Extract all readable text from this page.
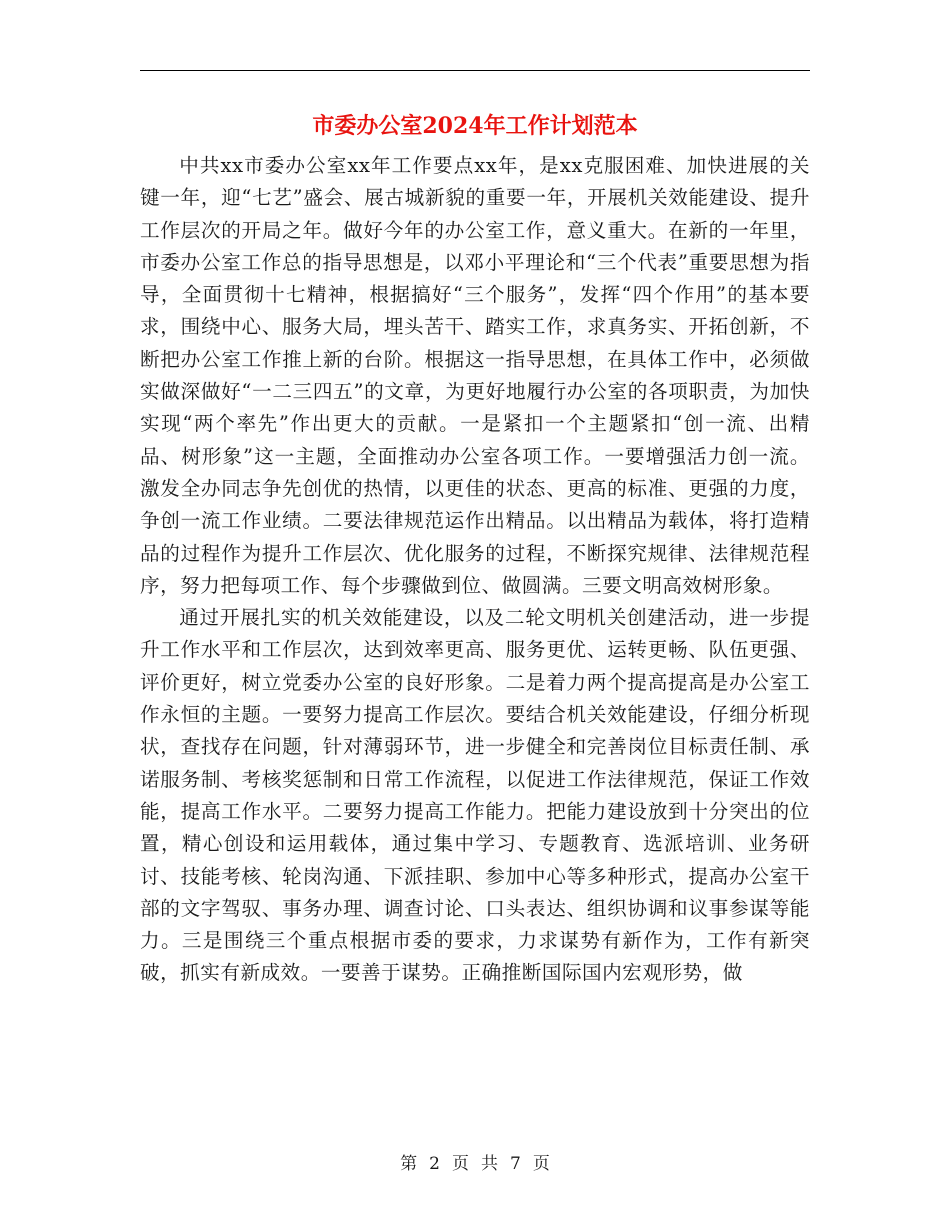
市委办公室2024年工作计划范本

中共xx市委办公室xx年工作要点xx年，是xx克服困难、加快进展的关键一年，迎“七艺”盛会、展古城新貌的重要一年，开展机关效能建设、提升工作层次的开局之年。做好今年的办公室工作，意义重大。在新的一年里，市委办公室工作总的指导思想是，以邓小平理论和“三个代表”重要思想为指导，全面贯彻十七精神，根据搞好“三个服务”，发挥“四个作用”的基本要求，围绕中心、服务大局，埋头苦干、踏实工作，求真务实、开拓创新，不断把办公室工作推上新的台阶。根据这一指导思想，在具体工作中，必须做实做深做好“一二三四五”的文章，为更好地履行办公室的各项职责，为加快实现“两个率先”作出更大的贡献。一是紧扣一个主题紧扣“创一流、出精品、树形象”这一主题，全面推动办公室各项工作。一要增强活力创一流。激发全办同志争先创优的热情，以更佳的状态、更高的标准、更强的力度，争创一流工作业绩。二要法律规范运作出精品。以出精品为载体，将打造精品的过程作为提升工作层次、优化服务的过程，不断探究规律、法律规范程序，努力把每项工作、每个步骤做到位、做圆满。三要文明高效树形象。

通过开展扎实的机关效能建设，以及二轮文明机关创建活动，进一步提升工作水平和工作层次，达到效率更高、服务更优、运转更畅、队伍更强、评价更好，树立党委办公室的良好形象。二是着力两个提高提高是办公室工作永恒的主题。一要努力提高工作层次。要结合机关效能建设，仔细分析现状，查找存在问题，针对薄弱环节，进一步健全和完善岗位目标责任制、承诺服务制、考核奖惩制和日常工作流程，以促进工作法律规范，保证工作效能，提高工作水平。二要努力提高工作能力。把能力建设放到十分突出的位置，精心创设和运用载体，通过集中学习、专题教育、选派培训、业务研讨、技能考核、轮岗沟通、下派挂职、参加中心等多种形式，提高办公室干部的文字驾驭、事务办理、调查讨论、口头表达、组织协调和议事参谋等能力。三是围绕三个重点根据市委的要求，力求谋势有新作为，工作有新突破，抓实有新成效。一要善于谋势。正确推断国际国内宏观形势，做

第 2 页 共 7 页
